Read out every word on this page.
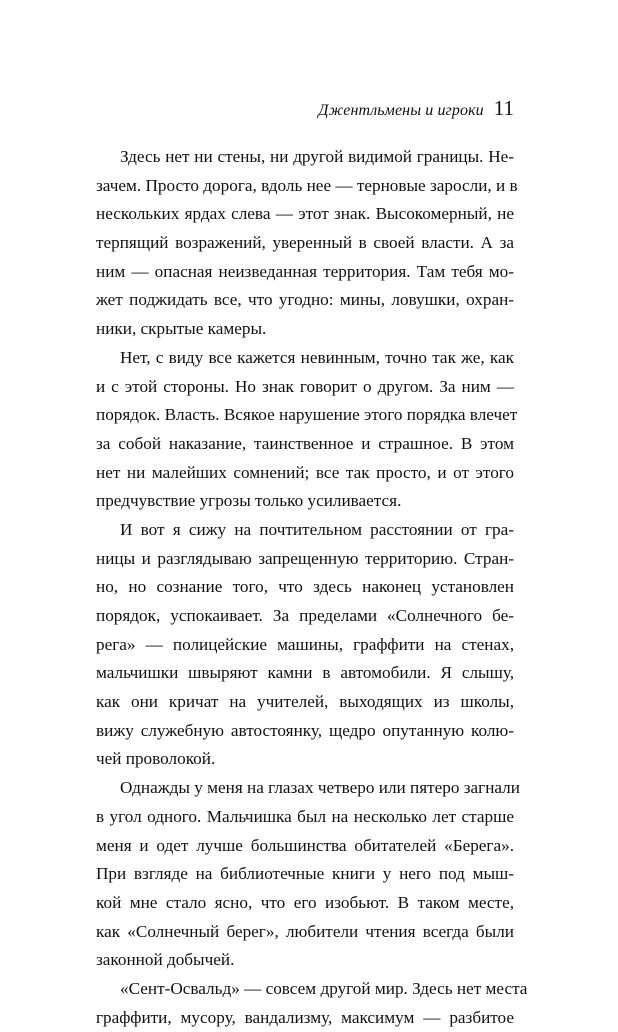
Джентльмены и игроки 11
Здесь нет ни стены, ни другой видимой границы. Не-
зачем. Просто дорога, вдоль нее — терновые заросли, и в
нескольких ярдах слева — этот знак. Высокомерный, не
терпящий возражений, уверенный в своей власти. А за
ним — опасная неизведанная территория. Там тебя мо-
жет поджидать все, что угодно: мины, ловушки, охран-
ники, скрытые камеры.
Нет, с виду все кажется невинным, точно так же, как
и с этой стороны. Но знак говорит о другом. За ним —
порядок. Власть. Всякое нарушение этого порядка влечет
за собой наказание, таинственное и страшное. В этом
нет ни малейших сомнений; все так просто, и от этого
предчувствие угрозы только усиливается.
И вот я сижу на почтительном расстоянии от гра-
ницы и разглядываю запрещенную территорию. Стран-
но, но сознание того, что здесь наконец установлен
порядок, успокаивает. За пределами «Солнечного бе-
рега» — полицейские машины, граффити на стенах,
мальчишки швыряют камни в автомобили. Я слышу,
как они кричат на учителей, выходящих из школы,
вижу служебную автостоянку, щедро опутанную колю-
чей проволокой.
Однажды у меня на глазах четверо или пятеро загнали
в угол одного. Мальчишка был на несколько лет старше
меня и одет лучше большинства обитателей «Берега».
При взгляде на библиотечные книги у него под мыш-
кой мне стало ясно, что его изобьют. В таком месте,
как «Солнечный берег», любители чтения всегда были
законной добычей.
«Сент-Освальд» — совсем другой мир. Здесь нет места
граффити, мусору, вандализму, максимум — разбитое
